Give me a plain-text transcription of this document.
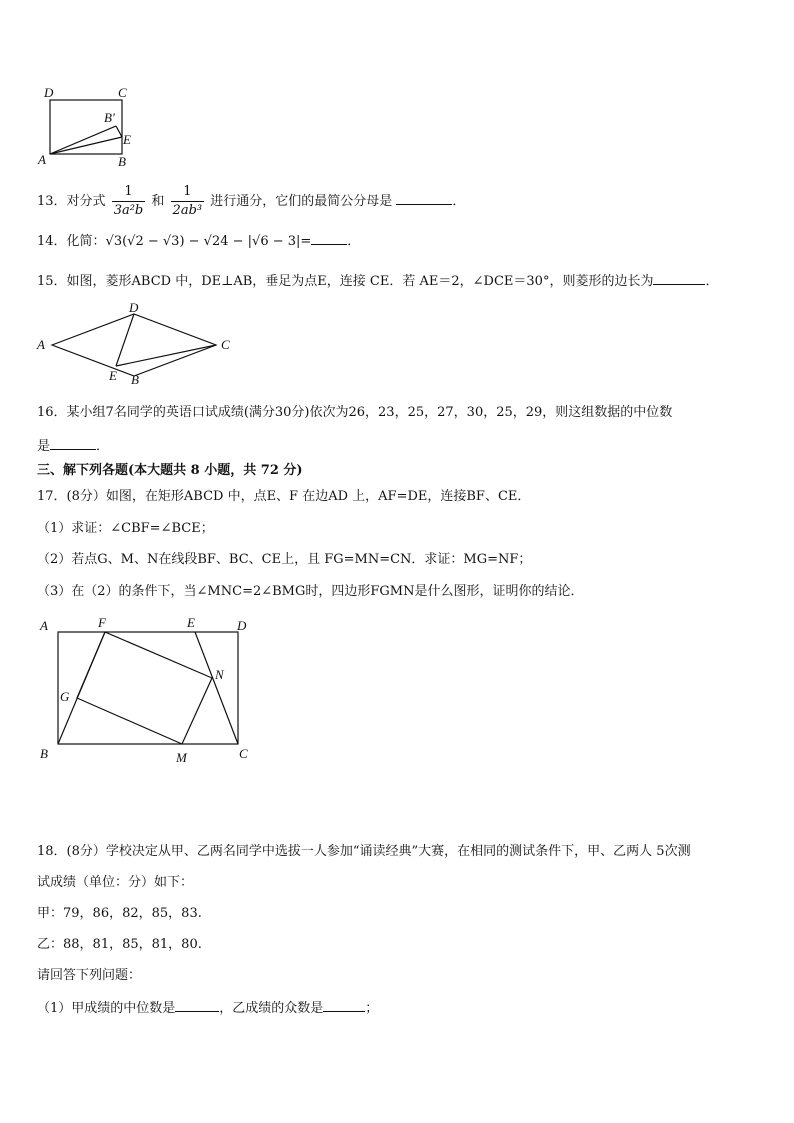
D	C
B′
E
A	B
13．对分式 $\frac{1}{\text{3a²b}}$ 和 $\frac{1}{\text{2ab³}}$ 进行通分，它们的最简公分母是	．
14．化简：√3(√2 − √3) − √24 − |√6 − 3|=	．
15．如图，菱形ABCD 中，DE⊥AB，垂足为点E，连接 CE．若 AE＝2，∠DCE＝30°，则菱形的边长为	．
A
D
C
E B
16．某小组7名同学的英语口试成绩(满分30分)依次为26，23，25，27，30，25，29，则这组数据的中位数
是	．
三、解下列各题(本大题共 8 小题，共 72 分)
17．(8分）如图，在矩形ABCD 中，点E、F 在边AD 上，AF=DE，连接BF、CE．
（1）求证：∠CBF=∠BCE；
（2）若点G、M、N在线段BF、BC、CE上，且 FG=MN=CN．求证：MG=NF；
（3）在（2）的条件下，当∠MNC=2∠BMG时，四边形FGMN是什么图形，证明你的结论．
A	F	E	D
G
N
B	M	C
18．(8分）学校决定从甲、乙两名同学中选拔一人参加“诵读经典”大赛，在相同的测试条件下，甲、乙两人 5次测
试成绩（单位：分）如下：
甲：79，86，82，85，83.
乙：88，81，85，81，80.
请回答下列问题：
（1）甲成绩的中位数是	，乙成绩的众数是	；
